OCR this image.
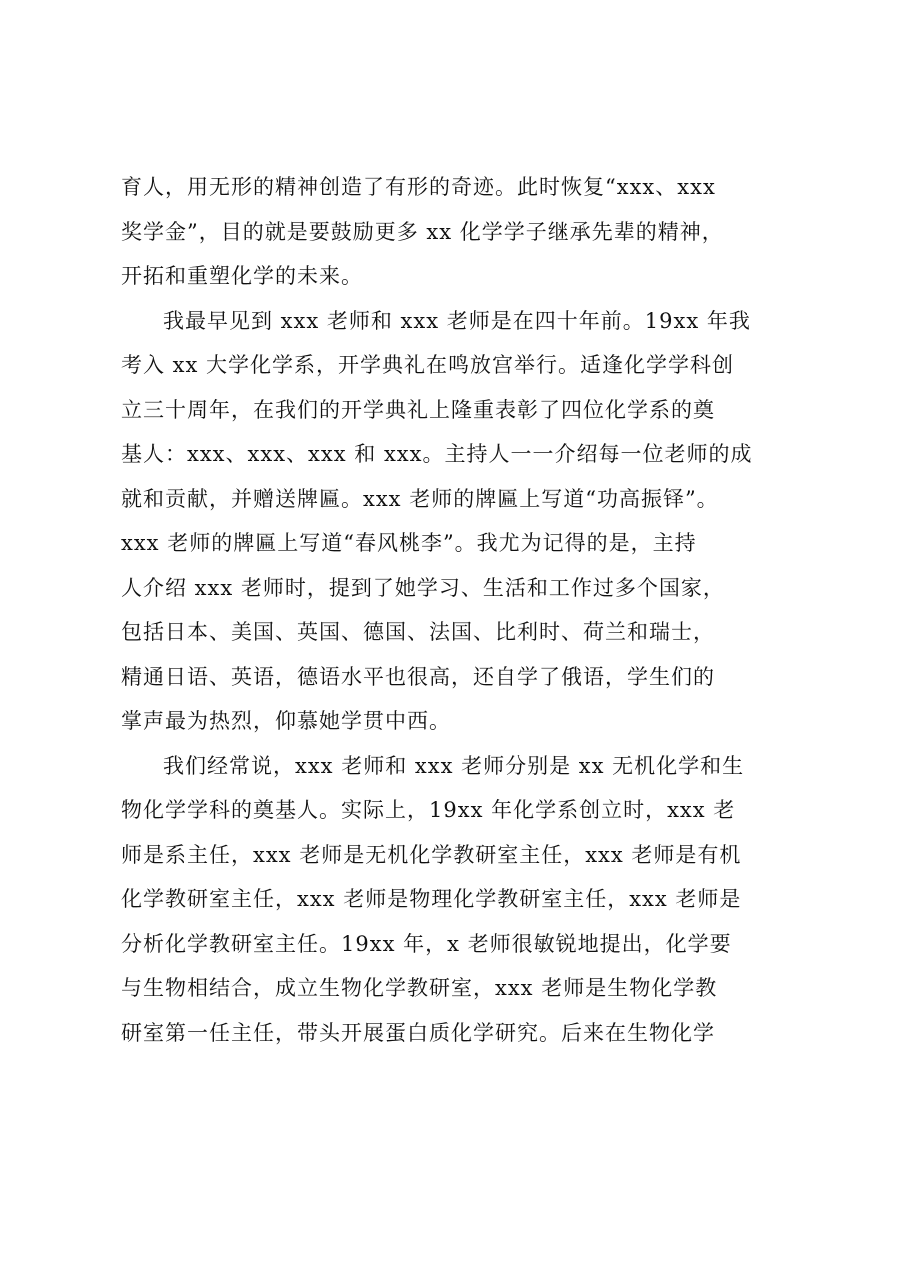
育人，用无形的精神创造了有形的奇迹。此时恢复“xxx、xxx
奖学金”，目的就是要鼓励更多 xx 化学学子继承先辈的精神，
开拓和重塑化学的未来。
我最早见到 xxx 老师和 xxx 老师是在四十年前。19xx 年我
考入 xx 大学化学系，开学典礼在鸣放宫举行。适逢化学学科创
立三十周年，在我们的开学典礼上隆重表彰了四位化学系的奠
基人：xxx、xxx、xxx 和 xxx。主持人一一介绍每一位老师的成
就和贡献，并赠送牌匾。xxx 老师的牌匾上写道“功高振铎”。
xxx 老师的牌匾上写道“春风桃李”。我尤为记得的是，主持
人介绍 xxx 老师时，提到了她学习、生活和工作过多个国家，
包括日本、美国、英国、德国、法国、比利时、荷兰和瑞士，
精通日语、英语，德语水平也很高，还自学了俄语，学生们的
掌声最为热烈，仰慕她学贯中西。
我们经常说，xxx 老师和 xxx 老师分别是 xx 无机化学和生
物化学学科的奠基人。实际上，19xx 年化学系创立时，xxx 老
师是系主任，xxx 老师是无机化学教研室主任，xxx 老师是有机
化学教研室主任，xxx 老师是物理化学教研室主任，xxx 老师是
分析化学教研室主任。19xx 年，x 老师很敏锐地提出，化学要
与生物相结合，成立生物化学教研室，xxx 老师是生物化学教
研室第一任主任，带头开展蛋白质化学研究。后来在生物化学
